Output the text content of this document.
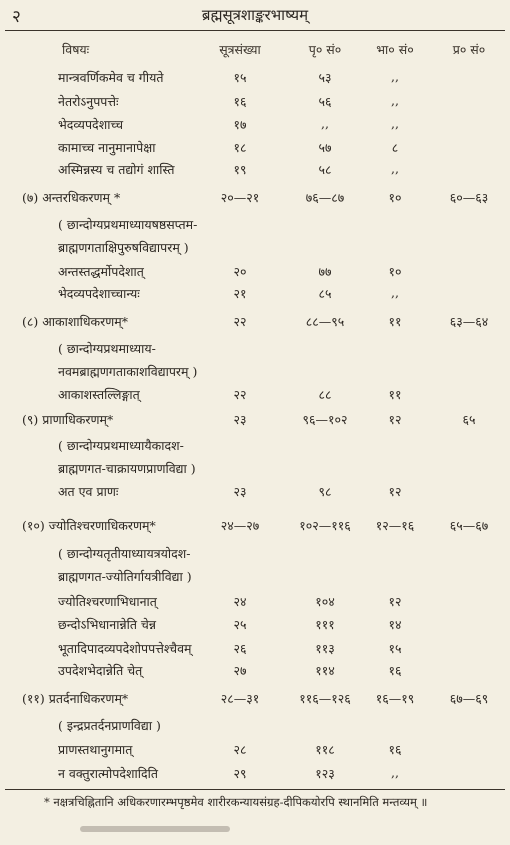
२	ब्रह्मसूत्रशाङ्करभाष्यम्
विषयः	सूत्रसंख्या	पृ० सं०	भा० सं०	प्र० सं०
मान्त्रवर्णिकमेव च गीयते	१५	५३	,,
नेतरोऽनुपपत्तेः	१६	५६	,,
भेदव्यपदेशाच्च	१७	,,	,,
कामाच्च नानुमानापेक्षा	१८	५७	८
अस्मिन्नस्य च तद्योगं शास्ति	१९	५८	,,
(७) अन्तरधिकरणम् *	२०—२१	७६—८७	१०	६०—६३
( छान्दोग्यप्रथमाध्यायषष्ठसप्तम-
ब्राह्मणगताक्षिपुरुषविद्यापरम् )
अन्तस्तद्धर्मोपदेशात्	२०	७७	१०
भेदव्यपदेशाच्चान्यः	२१	८५	,,
(८) आकाशाधिकरणम्*	२२	८८—९५	११	६३—६४
( छान्दोग्यप्रथमाध्याय-
नवमब्राह्मणगताकाशविद्यापरम् )
आकाशस्तल्लिङ्गात्	२२	८८	११
(९) प्राणाधिकरणम्*	२३	९६—१०२	१२	६५
( छान्दोग्यप्रथमाध्यायैकादश-
ब्राह्मणगत-चाक्रायणप्राणविद्या )
अत एव प्राणः	२३	९८	१२
(१०) ज्योतिश्चरणाधिकरणम्*	२४—२७	१०२—११६	१२—१६	६५—६७
( छान्दोग्यतृतीयाध्यायत्रयोदश-
ब्राह्मणगत-ज्योतिर्गायत्रीविद्या )
ज्योतिश्चरणाभिधानात्	२४	१०४	१२
छन्दोऽभिधानान्नेति चेन्न	२५	१११	१४
भूतादिपादव्यपदेशोपपत्तेश्चैवम्	२६	११३	१५
उपदेशभेदान्नेति चेत्	२७	११४	१६
(११) प्रतर्दनाधिकरणम्*	२८—३१	११६—१२६	१६—१९	६७—६९
( इन्द्रप्रतर्दनप्राणविद्या )
प्राणस्तथानुगमात्	२८	११८	१६
न वक्तुरात्मोपदेशादिति	२९	१२३	,,
* नक्षत्रचिह्नितानि अधिकरणारम्भपृष्ठमेव शारीरकन्यायसंग्रह-दीपिकयोरपि स्थानमिति मन्तव्यम् ॥
